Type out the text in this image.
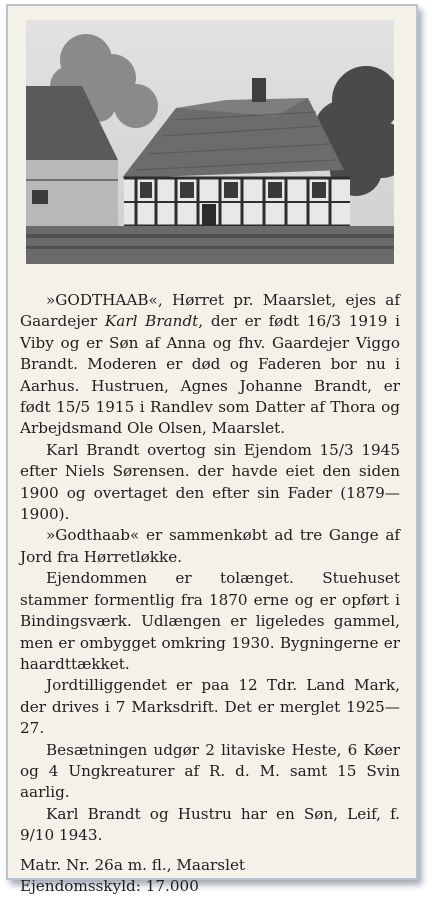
»GODTHAAB«, Hørret pr. Maarslet, ejes af Gaardejer Karl Brandt, der er født 16/3 1919 i Viby og er Søn af Anna og fhv. Gaardejer Viggo Brandt. Moderen er død og Faderen bor nu i Aarhus. Hustruen, Agnes Johanne Brandt, er født 15/5 1915 i Randlev som Datter af Thora og Arbejdsmand Ole Olsen, Maarslet.

Karl Brandt overtog sin Ejendom 15/3 1945 efter Niels Sørensen. der havde eiet den siden 1900 og overtaget den efter sin Fader (1879—1900).

»Godthaab« er sammenkøbt ad tre Gange af Jord fra Hørretløkke.

Ejendommen er tolænget. Stuehuset stammer formentlig fra 1870 erne og er opført i Bindingsværk. Udlængen er ligeledes gammel, men er ombygget omkring 1930. Bygningerne er haardttækket.

Jordtilliggendet er paa 12 Tdr. Land Mark, der drives i 7 Marksdrift. Det er merglet 1925—27.

Besætningen udgør 2 litaviske Heste, 6 Køer og 4 Ungkreaturer af R. d. M. samt 15 Svin aarlig.

Karl Brandt og Hustru har en Søn, Leif, f. 9/10 1943.

Matr. Nr. 26a m. fl., Maarslet

Ejendomsskyld: 17.000
